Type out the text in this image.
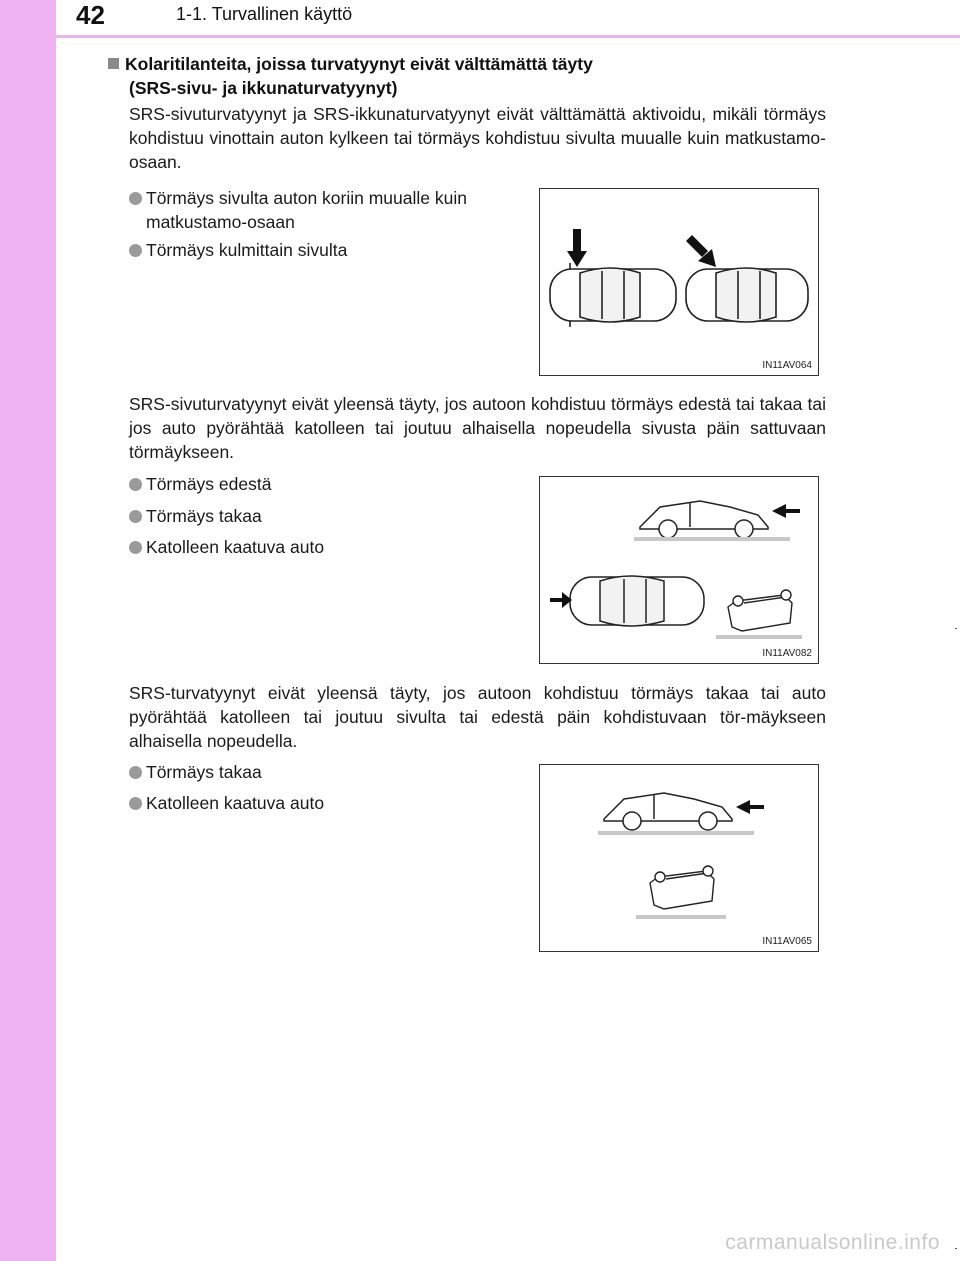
42	1-1. Turvallinen käyttö
Kolaritilanteita, joissa turvatyynyt eivät välttämättä täyty
(SRS-sivu- ja ikkunaturvatyynyt)
SRS-sivuturvatyynyt ja SRS-ikkunaturvatyynyt eivät välttämättä aktivoidu, mikäli törmäys kohdistuu vinottain auton kylkeen tai törmäys kohdistuu sivulta muualle kuin matkustamo-osaan.
Törmäys sivulta auton koriin muualle kuin
matkustamo-osaan
Törmäys kulmittain sivulta
IN11AV064
SRS-sivuturvatyynyt eivät yleensä täyty, jos autoon kohdistuu törmäys edestä tai takaa tai jos auto pyörähtää katolleen tai joutuu alhaisella nopeudella sivusta päin sattuvaan törmäykseen.
Törmäys edestä
Törmäys takaa
Katolleen kaatuva auto
IN11AV082
SRS-turvatyynyt eivät yleensä täyty, jos autoon kohdistuu törmäys takaa tai auto pyörähtää katolleen tai joutuu sivulta tai edestä päin kohdistuvaan tör-mäykseen alhaisella nopeudella.
Törmäys takaa
Katolleen kaatuva auto
IN11AV065
carmanualsonline.info
